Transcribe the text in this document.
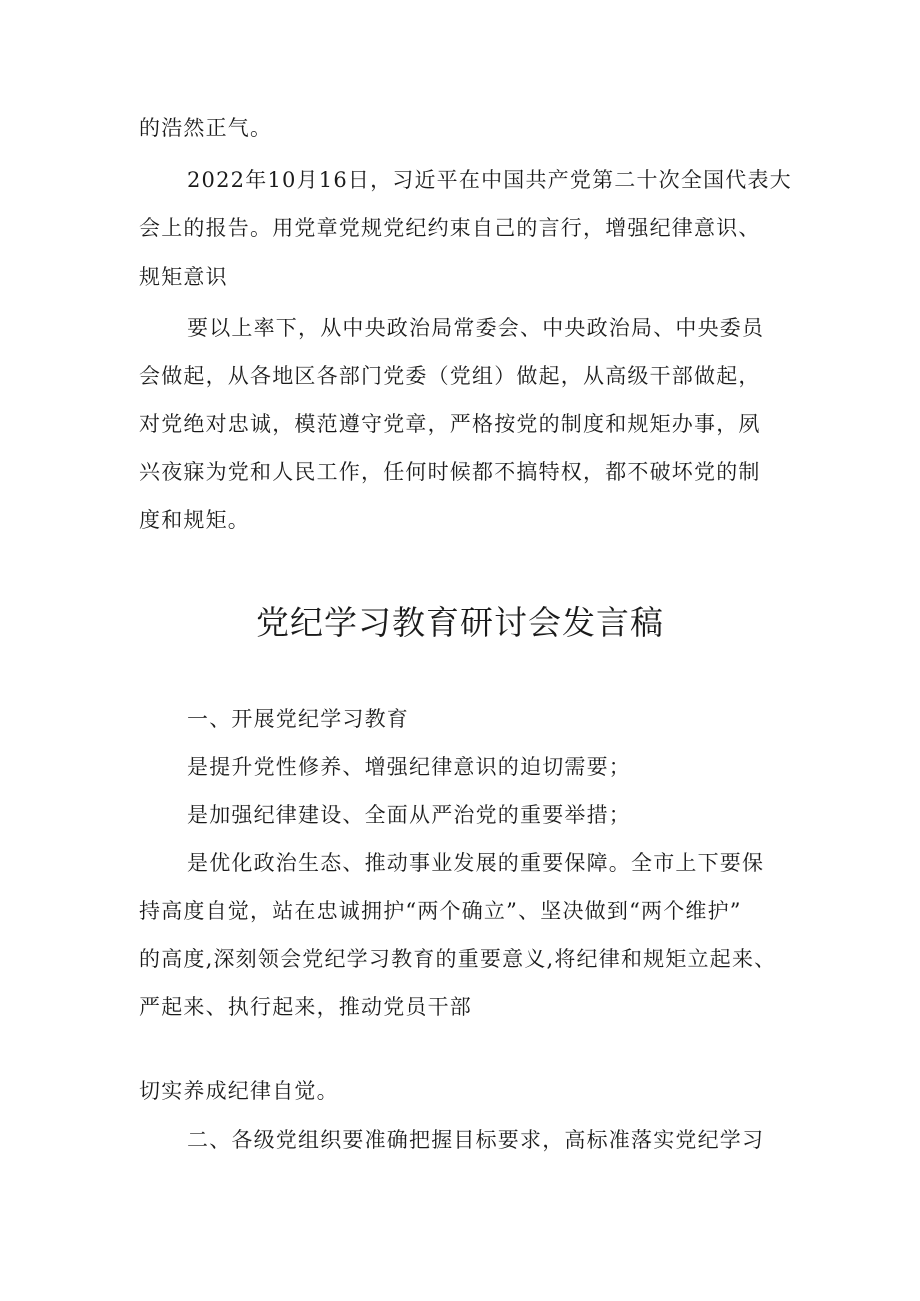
的浩然正气。
2022年10月16日，习近平在中国共产党第二十次全国代表大
会上的报告。用党章党规党纪约束自己的言行，增强纪律意识、
规矩意识
要以上率下，从中央政治局常委会、中央政治局、中央委员
会做起，从各地区各部门党委（党组）做起，从高级干部做起，
对党绝对忠诚，模范遵守党章，严格按党的制度和规矩办事，夙
兴夜寐为党和人民工作，任何时候都不搞特权，都不破坏党的制
度和规矩。
党纪学习教育研讨会发言稿
一、开展党纪学习教育
是提升党性修养、增强纪律意识的迫切需要；
是加强纪律建设、全面从严治党的重要举措；
是优化政治生态、推动事业发展的重要保障。全市上下要保
持高度自觉，站在忠诚拥护“两个确立”、坚决做到“两个维护”
的高度,深刻领会党纪学习教育的重要意义,将纪律和规矩立起来、
严起来、执行起来，推动党员干部
切实养成纪律自觉。
二、各级党组织要准确把握目标要求，高标准落实党纪学习
